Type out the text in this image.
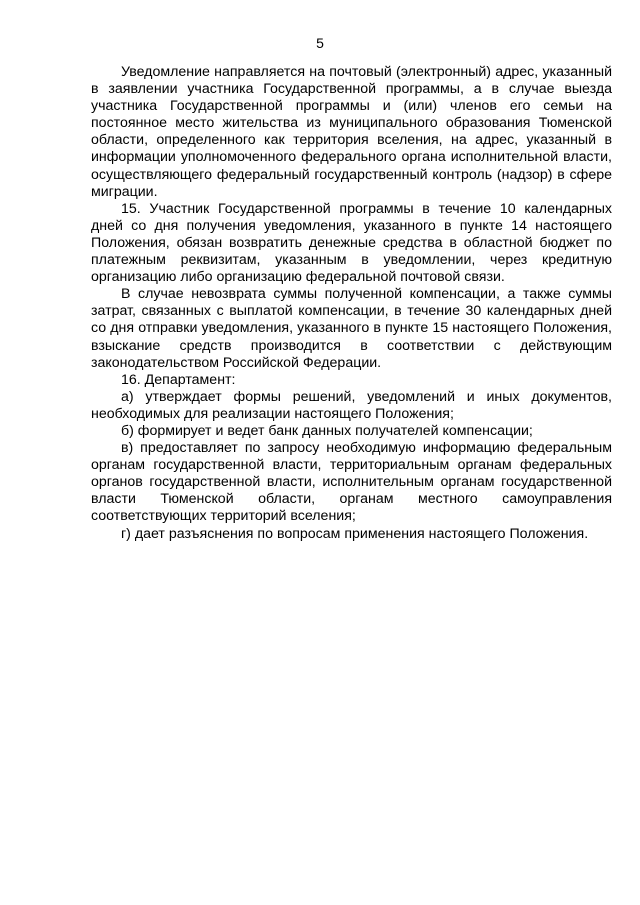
5

Уведомление направляется на почтовый (электронный) адрес, указанный в заявлении участника Государственной программы, а в случае выезда участника Государственной программы и (или) членов его семьи на постоянное место жительства из муниципального образования Тюменской области, определенного как территория вселения, на адрес, указанный в информации уполномоченного федерального органа исполнительной власти, осуществляющего федеральный государственный контроль (надзор) в сфере миграции.

15. Участник Государственной программы в течение 10 календарных дней со дня получения уведомления, указанного в пункте 14 настоящего Положения, обязан возвратить денежные средства в областной бюджет по платежным реквизитам, указанным в уведомлении, через кредитную организацию либо организацию федеральной почтовой связи.

В случае невозврата суммы полученной компенсации, а также суммы затрат, связанных с выплатой компенсации, в течение 30 календарных дней со дня отправки уведомления, указанного в пункте 15 настоящего Положения, взыскание средств производится в соответствии с действующим законодательством Российской Федерации.

16. Департамент:

а) утверждает формы решений, уведомлений и иных документов, необходимых для реализации настоящего Положения;

б) формирует и ведет банк данных получателей компенсации;

в) предоставляет по запросу необходимую информацию федеральным органам государственной власти, территориальным органам федеральных органов государственной власти, исполнительным органам государственной власти Тюменской области, органам местного самоуправления соответствующих территорий вселения;

г) дает разъяснения по вопросам применения настоящего Положения.
